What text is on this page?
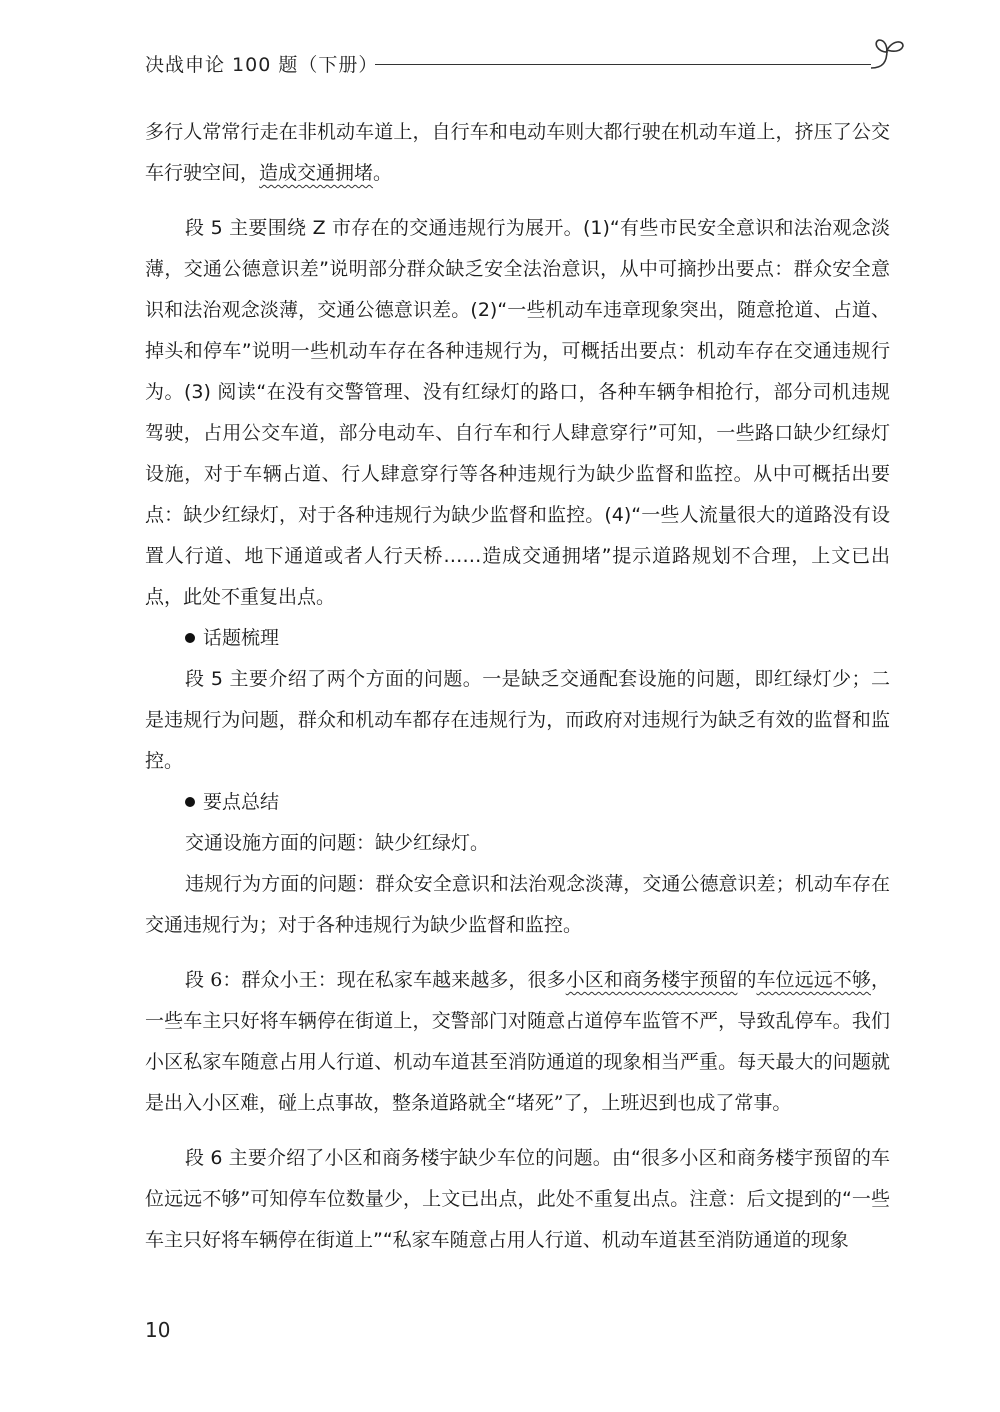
决战申论 100 题（下册）

多行人常常行走在非机动车道上，自行车和电动车则大都行驶在机动车道上，挤压了公交车行驶空间，造成交通拥堵。

段 5 主要围绕 Z 市存在的交通违规行为展开。(1)“有些市民安全意识和法治观念淡薄，交通公德意识差”说明部分群众缺乏安全法治意识，从中可摘抄出要点：群众安全意识和法治观念淡薄，交通公德意识差。(2)“一些机动车违章现象突出，随意抢道、占道、掉头和停车”说明一些机动车存在各种违规行为，可概括出要点：机动车存在交通违规行为。(3) 阅读“在没有交警管理、没有红绿灯的路口，各种车辆争相抢行，部分司机违规驾驶，占用公交车道，部分电动车、自行车和行人肆意穿行”可知，一些路口缺少红绿灯设施，对于车辆占道、行人肆意穿行等各种违规行为缺少监督和监控。从中可概括出要点：缺少红绿灯，对于各种违规行为缺少监督和监控。(4)“一些人流量很大的道路没有设置人行道、地下通道或者人行天桥……造成交通拥堵”提示道路规划不合理，上文已出点，此处不重复出点。

话题梳理

段 5 主要介绍了两个方面的问题。一是缺乏交通配套设施的问题，即红绿灯少；二是违规行为问题，群众和机动车都存在违规行为，而政府对违规行为缺乏有效的监督和监控。

要点总结

交通设施方面的问题：缺少红绿灯。

违规行为方面的问题：群众安全意识和法治观念淡薄，交通公德意识差；机动车存在交通违规行为；对于各种违规行为缺少监督和监控。

段 6：群众小王：现在私家车越来越多，很多小区和商务楼宇预留的车位远远不够，一些车主只好将车辆停在街道上，交警部门对随意占道停车监管不严，导致乱停车。我们小区私家车随意占用人行道、机动车道甚至消防通道的现象相当严重。每天最大的问题就是出入小区难，碰上点事故，整条道路就全“堵死”了，上班迟到也成了常事。

段 6 主要介绍了小区和商务楼宇缺少车位的问题。由“很多小区和商务楼宇预留的车位远远不够”可知停车位数量少，上文已出点，此处不重复出点。注意：后文提到的“一些车主只好将车辆停在街道上”“私家车随意占用人行道、机动车道甚至消防通道的现象

10
